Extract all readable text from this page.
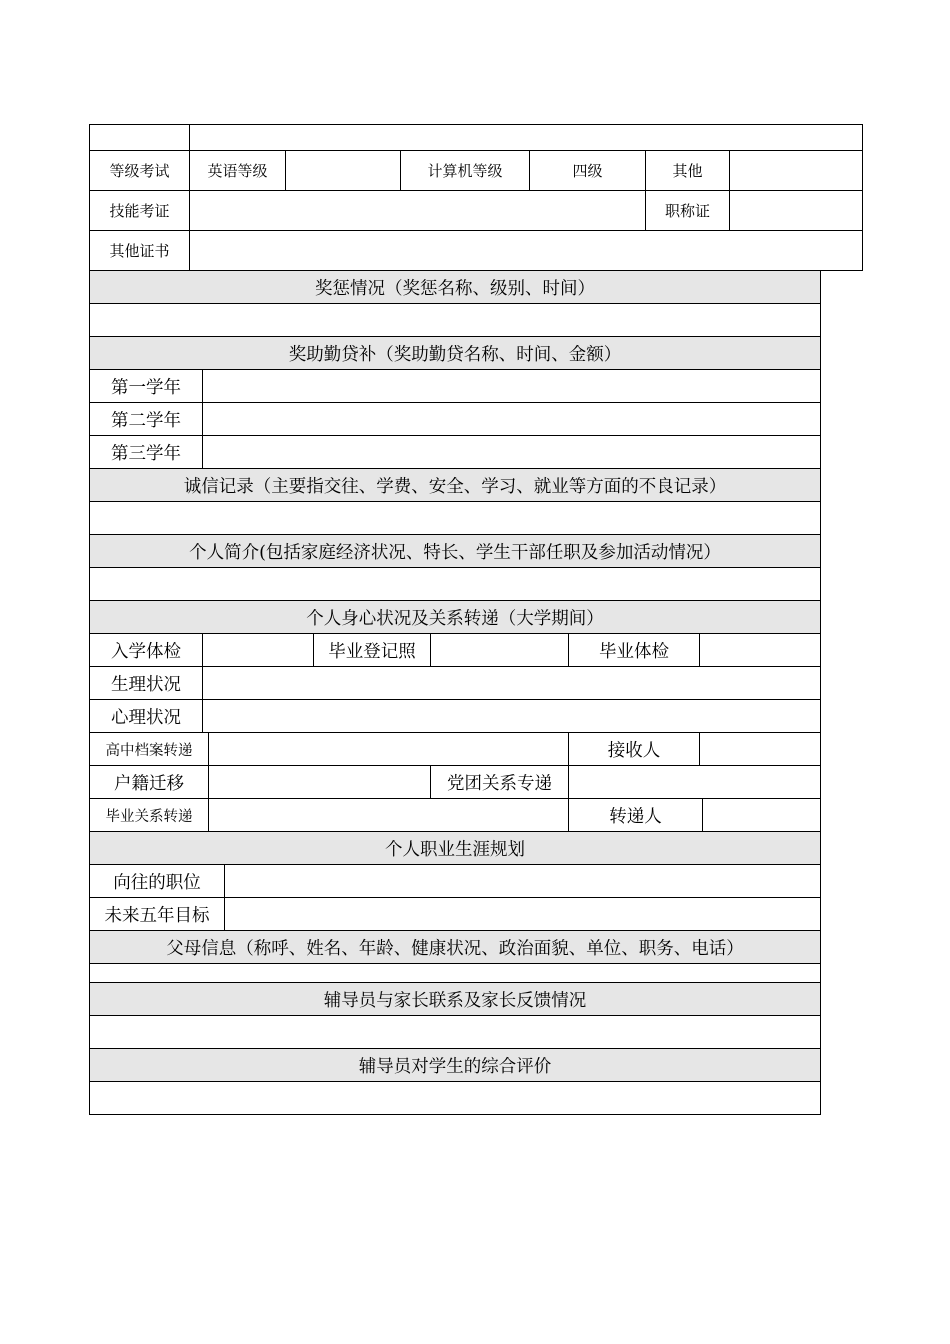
等级考试	英语等级		计算机等级	四级	其他	
技能考证					职称证	
其他证书						
奖惩情况（奖惩名称、级别、时间）								

奖助勤贷补（奖助勤贷名称、时间、金额）								
第一学年								
第二学年								
第三学年								
诚信记录（主要指交往、学费、安全、学习、就业等方面的不良记录）								

个人简介(包括家庭经济状况、特长、学生干部任职及参加活动情况）								

个人身心状况及关系转递（大学期间）								
入学体检				毕业登记照		毕业体检		
生理状况								
心理状况								
高中档案转递						接收人		
户籍迁移					党团关系专递			
毕业关系转递						转递人		
个人职业生涯规划								
向往的职位								
未来五年目标								
父母信息（称呼、姓名、年龄、健康状况、政治面貌、单位、职务、电话）								

辅导员与家长联系及家长反馈情况								

辅导员对学生的综合评价								
